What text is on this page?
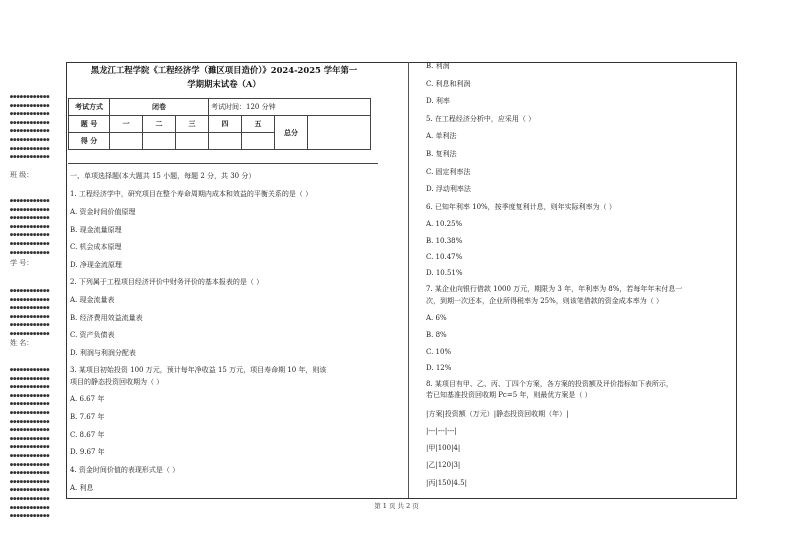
●●●●●●●●●●●●
●●●●●●●●●●●●
●●●●●●●●●●●●
●●●●●●●●●●●●
●●●●●●●●●●●●
●●●●●●●●●●●●
●●●●●●●●●●●●
●●●●●●●●●●●●
班 级：
●●●●●●●●●●●●
●●●●●●●●●●●●
●●●●●●●●●●●●
●●●●●●●●●●●●
●●●●●●●●●●●●
●●●●●●●●●●●●
●●●●●●●●●●●●
学 号：
●●●●●●●●●●●●
●●●●●●●●●●●●
●●●●●●●●●●●●
●●●●●●●●●●●●
●●●●●●●●●●●●
●●●●●●●●●●●●
姓 名：
●●●●●●●●●●●●
●●●●●●●●●●●●
●●●●●●●●●●●●
●●●●●●●●●●●●
●●●●●●●●●●●●
●●●●●●●●●●●●
●●●●●●●●●●●●
●●●●●●●●●●●●
●●●●●●●●●●●●
●●●●●●●●●●●●
●●●●●●●●●●●●
●●●●●●●●●●●●
●●●●●●●●●●●●
●●●●●●●●●●●●
●●●●●●●●●●●●
●●●●●●●●●●●●
●●●●●●●●●●●●
●●●●●●●●●●●●
黑龙江工程学院《工程经济学（濉区项目造价）》2024-2025 学年第一
学期期末试卷（A）
考试方式	闭卷			考试时间：120 分钟			
题 号	一	二	三	四	五	总分	
得 分							
一、单项选择题(本大题共 15 小题，每题 2 分，共 30 分）
1. 工程经济学中，研究项目在整个寿命周期内成本和效益的平衡关系的是（ ）
A. 资金时间价值原理
B. 现金流量原理
C. 机会成本原理
D. 净现金流原理
2. 下列属于工程项目经济评价中财务评价的基本报表的是（ ）
A. 现金流量表
B. 经济费用效益流量表
C. 资产负债表
D. 利润与利润分配表
3. 某项目初始投资 100 万元，预计每年净收益 15 万元，项目寿命期 10 年，则该
项目的静态投资回收期为（ ）
A. 6.67 年
B. 7.67 年
C. 8.67 年
D. 9.67 年
4. 资金时间价值的表现形式是（ ）
A. 利息
B. 利润
C. 利息和利润
D. 利率
5. 在工程经济分析中，应采用（ ）
A. 单利法
B. 复利法
C. 固定利率法
D. 浮动利率法
6. 已知年利率 10%，按季度复利计息，则年实际利率为（ ）
A. 10.25%
B. 10.38%
C. 10.47%
D. 10.51%
7. 某企业向银行借款 1000 万元，期限为 3 年，年利率为 8%，若每年年末付息一
次，到期一次还本，企业所得税率为 25%，则该笔借款的资金成本率为（ ）
A. 6%
B. 8%
C. 10%
D. 12%
8. 某项目有甲、乙、丙、丁四个方案，各方案的投资额及评价指标如下表所示，
若已知基准投资回收期 Pc=5 年，则最优方案是（ ）
|方案|投资额（万元）|静态投资回收期（年）|
|---|---|---|
|甲|100|4|
|乙|120|3|
|丙|150|4.5|
第 1 页 共 2 页
